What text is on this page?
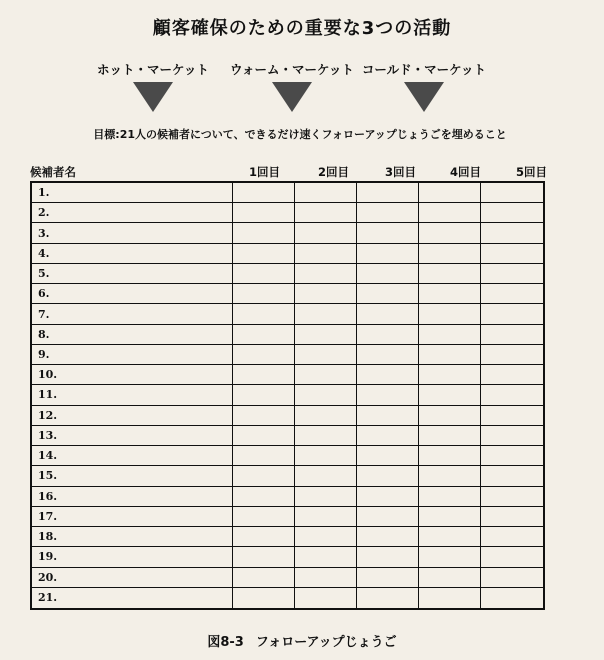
顧客確保のための重要な3つの活動
ホット・マーケット	ウォーム・マーケット コールド・マーケット
目標:21人の候補者について、できるだけ速くフォローアップじょうごを埋めること
候補者名	1回目	2回目	3回目	4回目	5回目
1.
2.
3.
4.
5.
6.
7.
8.
9.
10.
11.
12.
13.
14.
15.
16.
17.
18.
19.
20.
21.
図8-3 フォローアップじょうご
